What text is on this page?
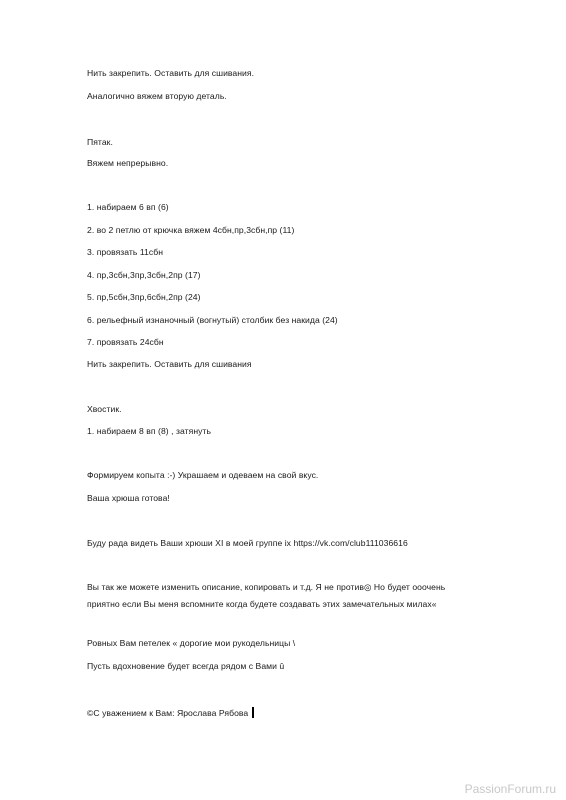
Нить закрепить. Оставить для сшивания.
Аналогично вяжем вторую деталь.
Пятак.
Вяжем непрерывно.
1. набираем 6 вп (6)
2. во 2 петлю от крючка вяжем 4сбн,пр,3сбн,пр (11)
3. провязать 11сбн
4. пр,3сбн,3пр,3сбн,2пр (17)
5. пр,5сбн,3пр,6сбн,2пр (24)
6. рельефный изнаночный (вогнутый) столбик без накида (24)
7. провязать 24сбн
Нить закрепить. Оставить для сшивания
Хвостик.
1. набираем 8 вп (8) , затянуть
Формируем копыта :-) Украшаем и одеваем на свой вкус.
Ваша хрюша готова!
Буду рада видеть Ваши хрюши XI в моей группе ix https://vk.com/club111036616
Вы так же можете изменить описание, копировать и т.д. Я не против◎ Но будет ооочень
приятно если Вы меня вспомните когда будете создавать этих замечательных милах«
Ровных Вам петелек « дорогие мои рукодельницы \
Пусть вдохновение будет всегда рядом с Вами û
©С уважением к Вам: Ярослава Рябова
PassionForum.ru
